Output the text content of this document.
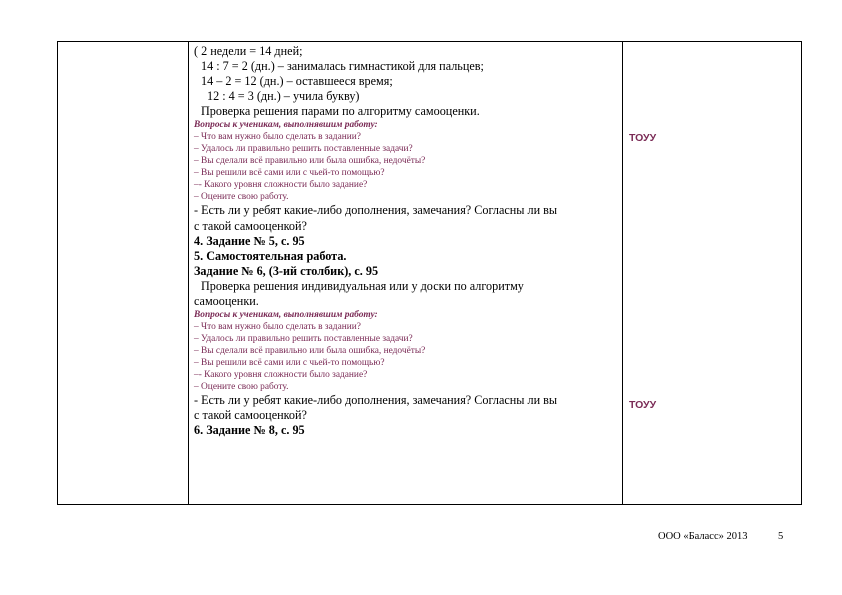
( 2 недели = 14 дней;
14 : 7 = 2 (дн.) – занималась гимнастикой для пальцев;
14 – 2 = 12 (дн.) – оставшееся время;
12 : 4 = 3 (дн.) – учила букву)
Проверка решения парами по алгоритму самооценки.
Вопросы к ученикам, выполнявшим работу:
– Что вам нужно было сделать в задании?
– Удалось ли правильно решить поставленные задачи?
– Вы сделали всё правильно или была ошибка, недочёты?
– Вы решили всё сами или с чьей-то помощью?
–- Какого уровня сложности было задание?
– Оцените свою работу.
- Есть ли у ребят какие-либо дополнения, замечания? Согласны ли вы
с такой самооценкой?
4. Задание № 5, с. 95
5. Самостоятельная работа.
Задание № 6, (3-ий столбик), с. 95
Проверка решения индивидуальная или у доски по алгоритму
самооценки.
Вопросы к ученикам, выполнявшим работу:
– Что вам нужно было сделать в задании?
– Удалось ли правильно решить поставленные задачи?
– Вы сделали всё правильно или была ошибка, недочёты?
– Вы решили всё сами или с чьей-то помощью?
–- Какого уровня сложности было задание?
– Оцените свою работу.
- Есть ли у ребят какие-либо дополнения, замечания? Согласны ли вы
с такой самооценкой?
6. Задание № 8, с. 95

ТОУУ
ТОУУ
ООО «Баласс» 2013	5
